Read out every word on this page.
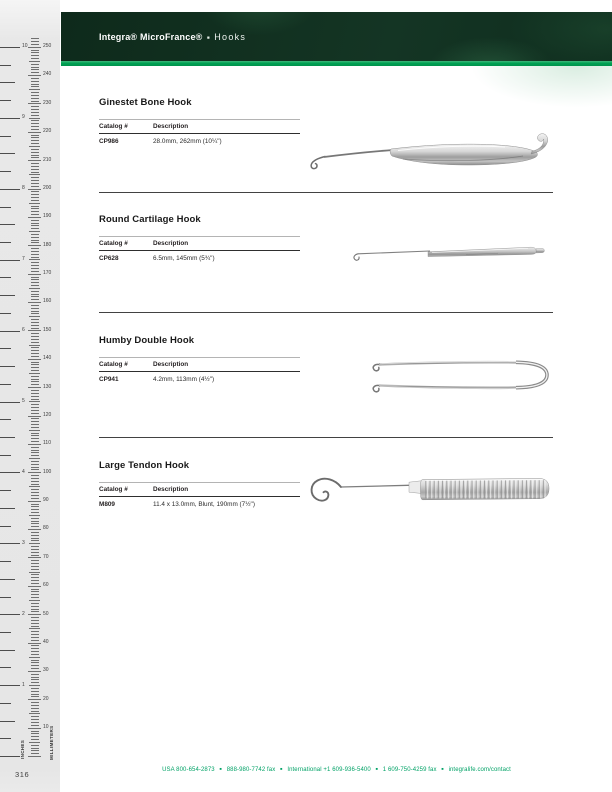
1
2
3
4
5
6
7
8
9
10
10
20
30
40
50
60
70
80
90
100
110
120
130
140
150
160
170
180
190
200
210
220
230
240
250
INCHES	MILLIMETERS
316
Integra® MicroFrance® ■ Hooks
Ginestet Bone Hook
Catalog #	Description
CP986	28.0mm, 262mm (10¼")
Round Cartilage Hook
Catalog #	Description
CP628	6.5mm, 145mm (5¾")
Humby Double Hook
Catalog #	Description
CP941	4.2mm, 113mm (4½")
Large Tendon Hook
Catalog #	Description
M809	11.4 x 13.0mm, Blunt, 190mm (7½")
USA 800-654-2873 ■ 888-980-7742 fax ■ International +1 609-936-5400 ■ 1 609-750-4259 fax ■ integralife.com/contact
